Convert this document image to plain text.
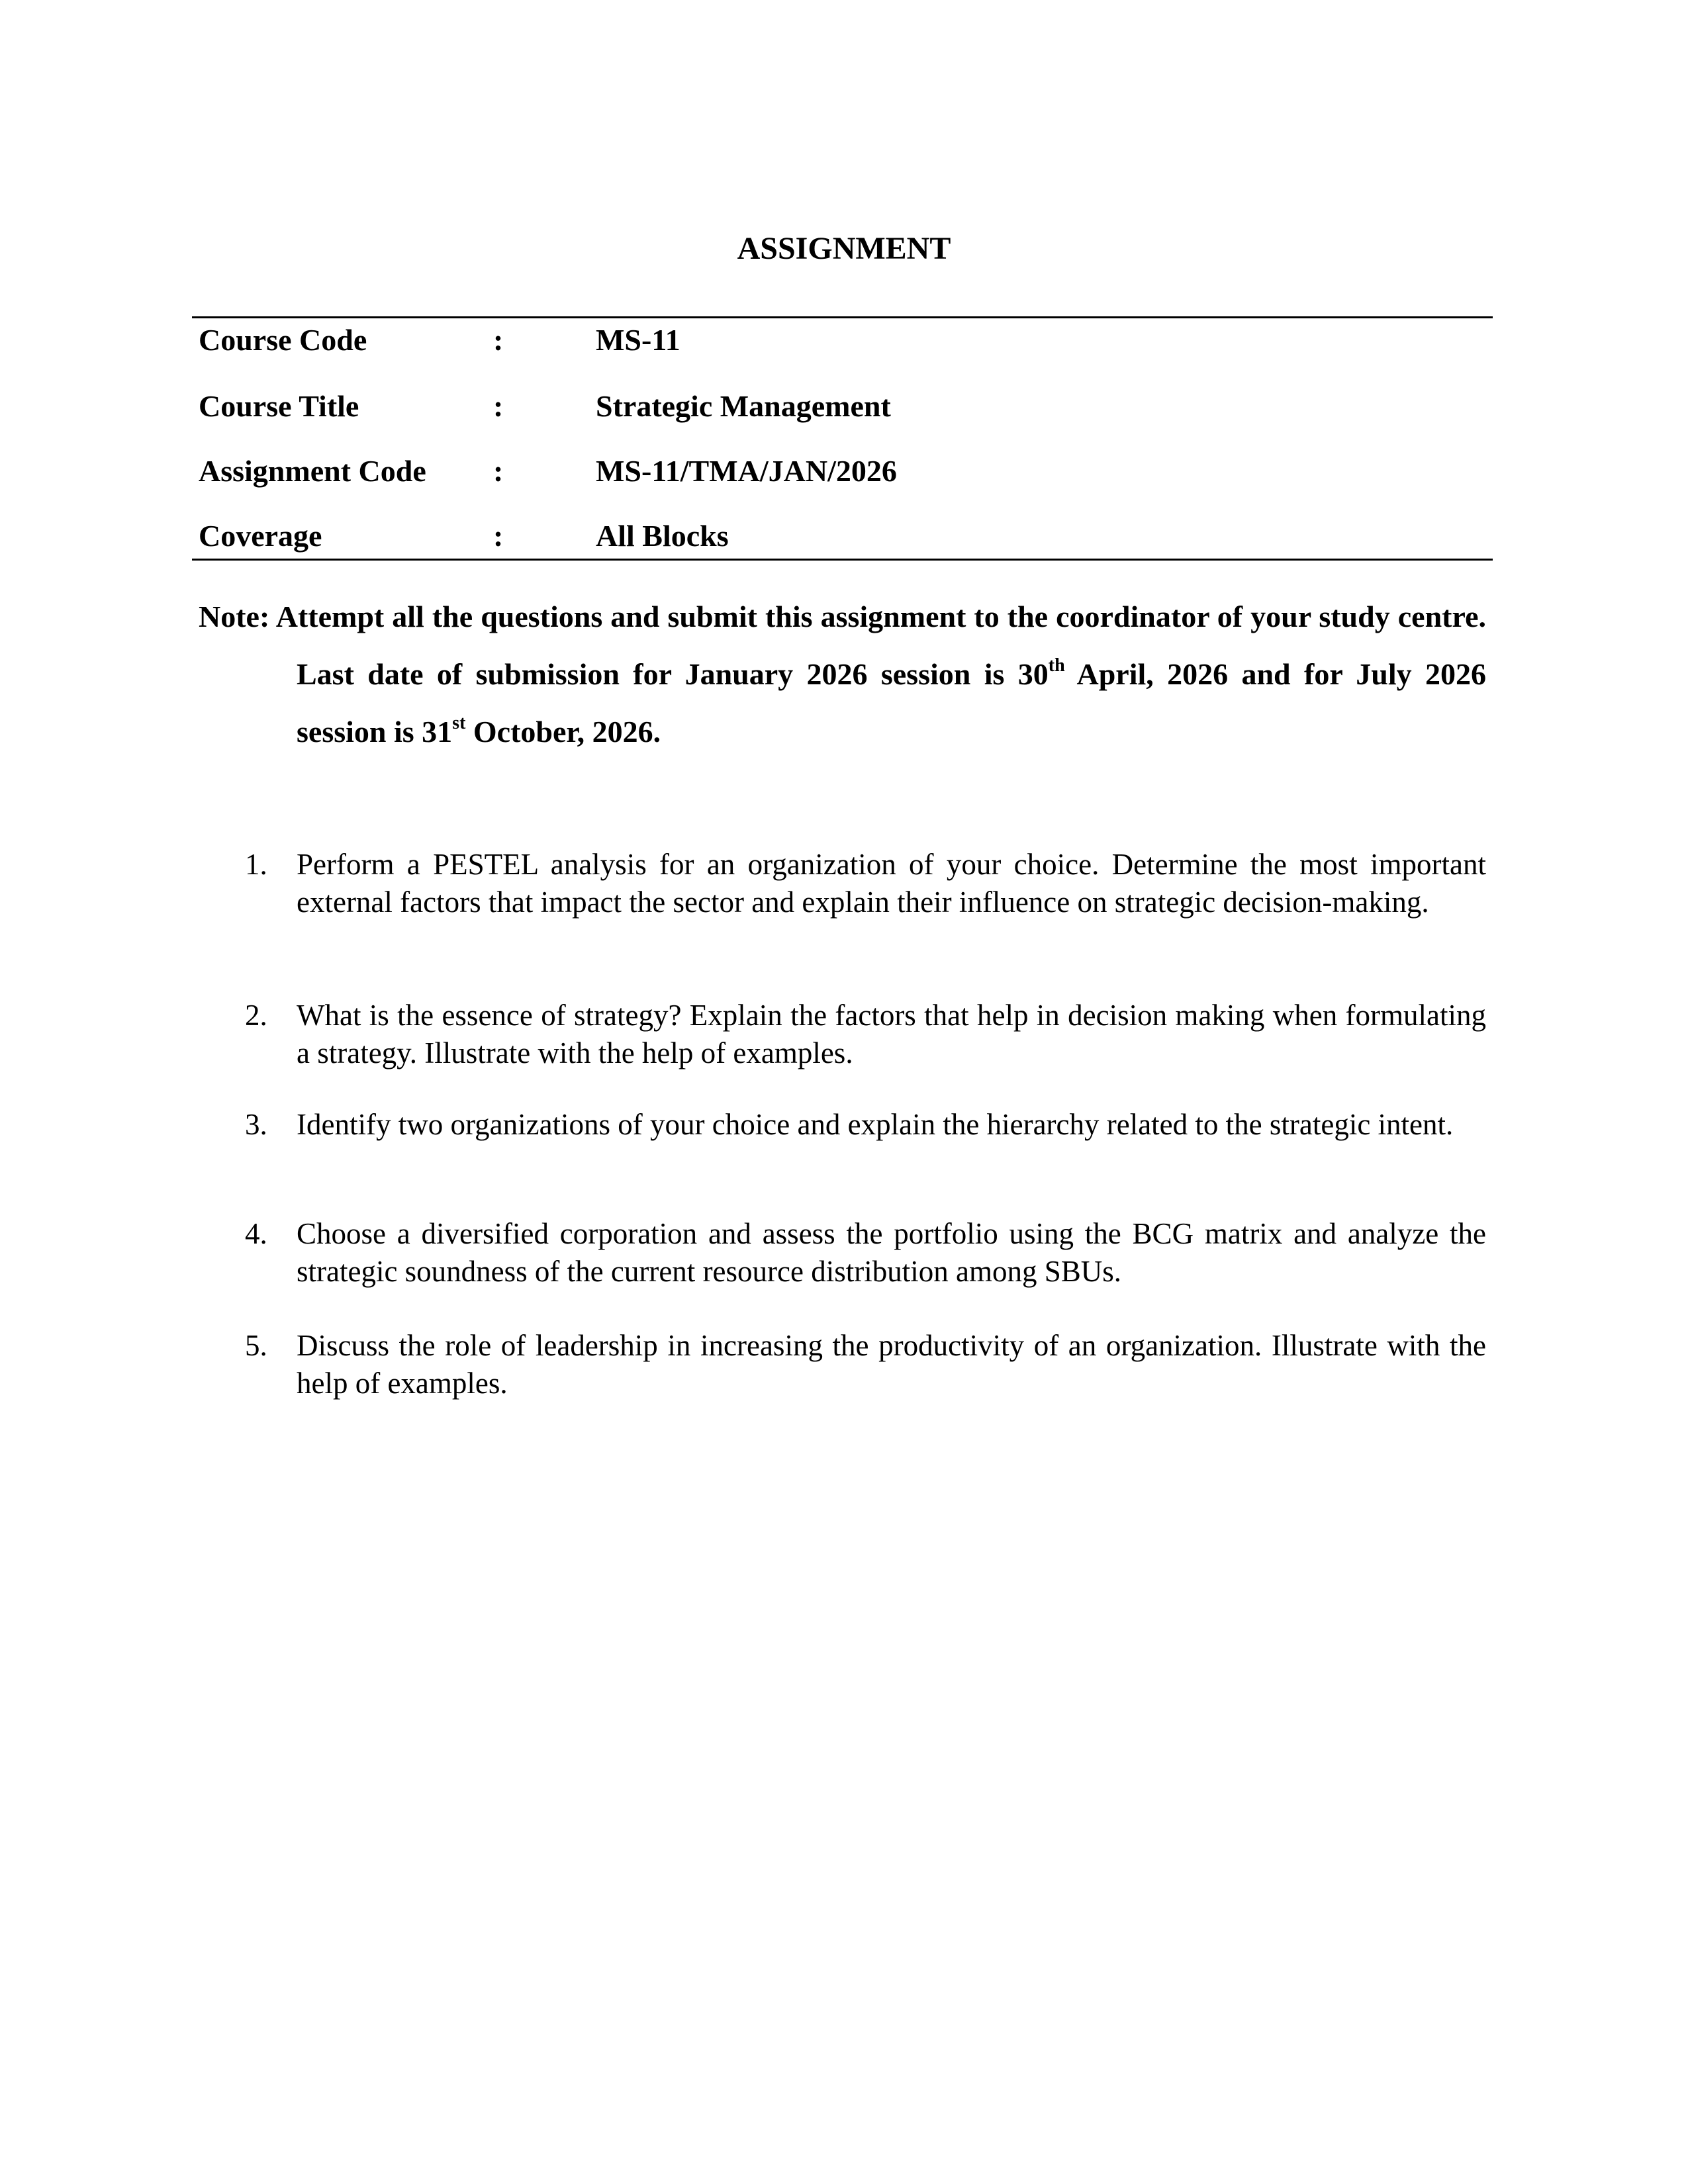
ASSIGNMENT
Course Code	:	MS-11
Course Title	:	Strategic Management
Assignment Code :	MS-11/TMA/JAN/2026
Coverage	:	All Blocks
Note: Attempt all the questions and submit this assignment to the coordinator of your study centre. Last date of submission for January 2026 session is 30th April, 2026 and for July 2026 session is 31st October, 2026.
1. Perform a PESTEL analysis for an organization of your choice. Determine the most important external factors that impact the sector and explain their influence on strategic decision-making.
2. What is the essence of strategy? Explain the factors that help in decision making when formulating a strategy. Illustrate with the help of examples.
3. Identify two organizations of your choice and explain the hierarchy related to the strategic intent.
4. Choose a diversified corporation and assess the portfolio using the BCG matrix and analyze the strategic soundness of the current resource distribution among SBUs.
5. Discuss the role of leadership in increasing the productivity of an organization. Illustrate with the help of examples.
